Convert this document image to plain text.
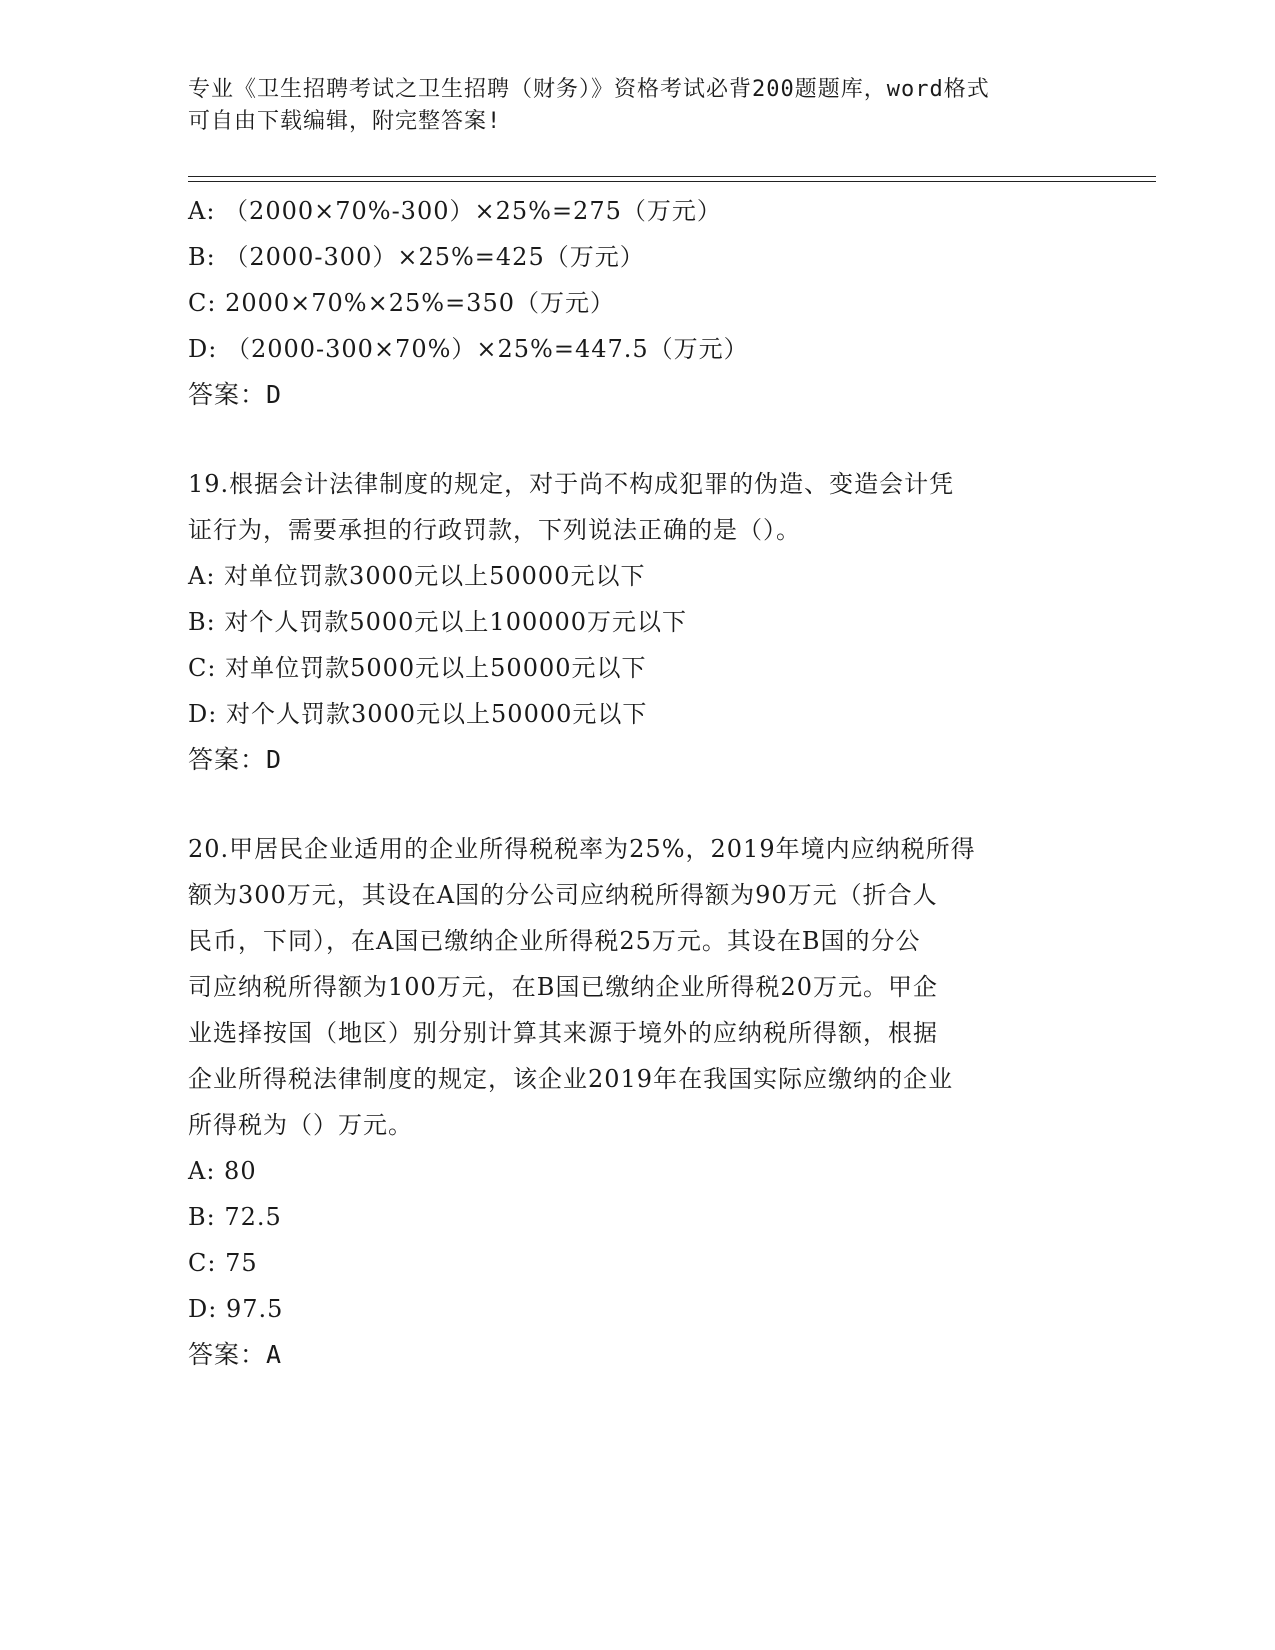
专业《卫生招聘考试之卫生招聘（财务）》资格考试必背200题题库，word格式
可自由下载编辑，附完整答案!
A: （2000×70%-300）×25%=275（万元）
B: （2000-300）×25%=425（万元）
C: 2000×70%×25%=350（万元）
D: （2000-300×70%）×25%=447.5（万元）
答案：D
19.根据会计法律制度的规定，对于尚不构成犯罪的伪造、变造会计凭
证行为，需要承担的行政罚款，下列说法正确的是（）。
A: 对单位罚款3000元以上50000元以下
B: 对个人罚款5000元以上100000万元以下
C: 对单位罚款5000元以上50000元以下
D: 对个人罚款3000元以上50000元以下
答案：D
20.甲居民企业适用的企业所得税税率为25%，2019年境内应纳税所得
额为300万元，其设在A国的分公司应纳税所得额为90万元（折合人
民币，下同），在A国已缴纳企业所得税25万元。其设在B国的分公
司应纳税所得额为100万元，在B国已缴纳企业所得税20万元。甲企
业选择按国（地区）别分别计算其来源于境外的应纳税所得额，根据
企业所得税法律制度的规定，该企业2019年在我国实际应缴纳的企业
所得税为（）万元。
A: 80
B: 72.5
C: 75
D: 97.5
答案：A
